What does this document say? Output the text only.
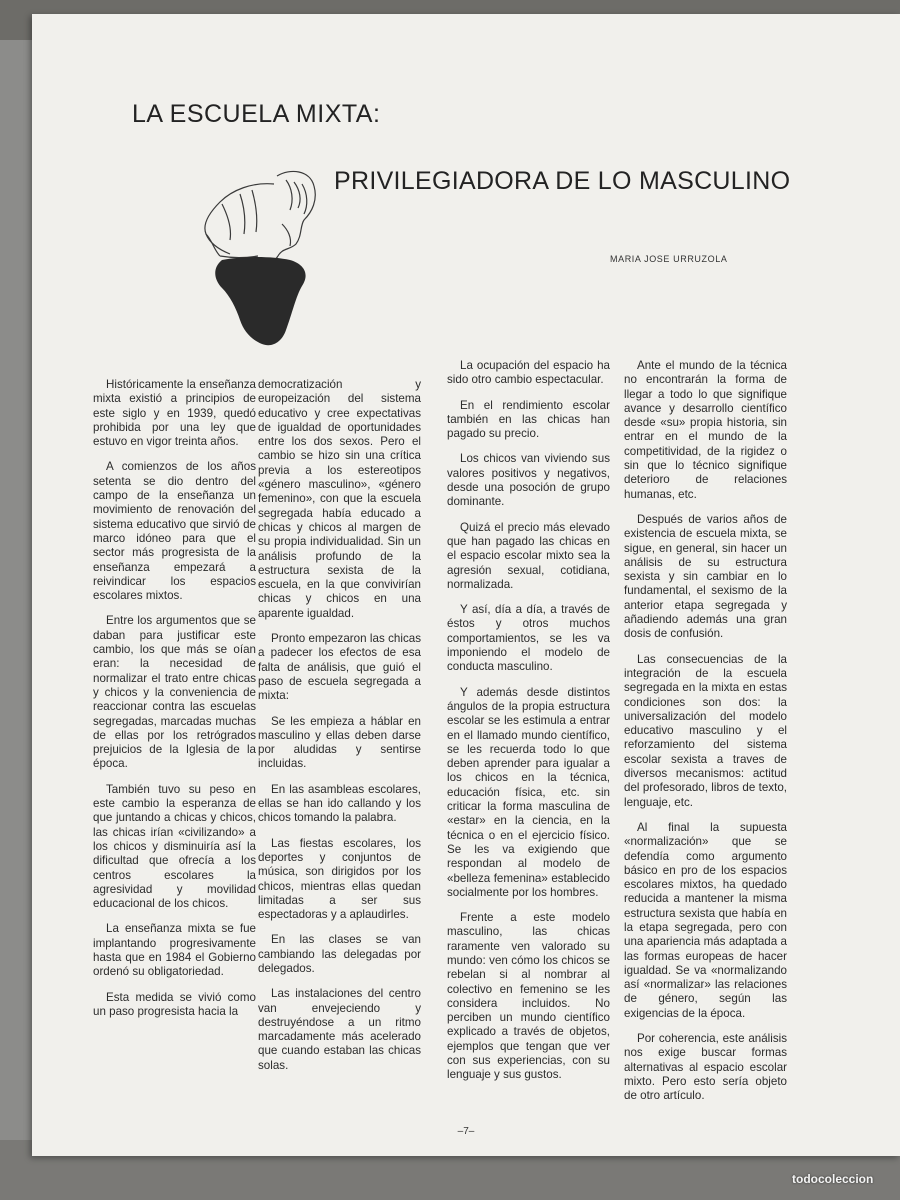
LA ESCUELA MIXTA:
PRIVILEGIADORA DE LO MASCULINO
MARIA JOSE URRUZOLA

Históricamente la enseñanza mixta existió a principios de este siglo y en 1939, quedó prohibida por una ley que estuvo en vigor treinta años.

A comienzos de los años setenta se dio dentro del campo de la enseñanza un movimiento de renovación del sistema educativo que sirvió de marco idóneo para que el sector más progresista de la enseñanza empezará a reivindicar los espacios escolares mixtos.

Entre los argumentos que se daban para justificar este cambio, los que más se oían eran: la necesidad de normalizar el trato entre chicas y chicos y la conveniencia de reaccionar contra las escuelas segregadas, marcadas muchas de ellas por los retrógrados prejuicios de la Iglesia de la época.

También tuvo su peso en este cambio la esperanza de que juntando a chicas y chicos, las chicas irían «civilizando» a los chicos y disminuiría así la dificultad que ofrecía a los centros escolares la agresividad y movilidad educacional de los chicos.

La enseñanza mixta se fue implantando progresivamente hasta que en 1984 el Gobierno ordenó su obligatoriedad.

Esta medida se vivió como un paso progresista hacia la

democratización y europeización del sistema educativo y cree expectativas de igualdad de oportunidades entre los dos sexos. Pero el cambio se hizo sin una crítica previa a los estereotipos «género masculino», «género femenino», con que la escuela segregada había educado a chicas y chicos al margen de su propia individualidad. Sin un análisis profundo de la estructura sexista de la escuela, en la que convivirían chicas y chicos en una aparente igualdad.

Pronto empezaron las chicas a padecer los efectos de esa falta de análisis, que guió el paso de escuela segregada a mixta:

Se les empieza a háblar en masculino y ellas deben darse por aludidas y sentirse incluidas.

En las asambleas escolares, ellas se han ido callando y los chicos tomando la palabra.

Las fiestas escolares, los deportes y conjuntos de música, son dirigidos por los chicos, mientras ellas quedan limitadas a ser sus espectadoras y a aplaudirles.

En las clases se van cambiando las delegadas por delegados.

Las instalaciones del centro van envejeciendo y destruyéndose a un ritmo marcadamente más acelerado que cuando estaban las chicas solas.

La ocupación del espacio ha sido otro cambio espectacular.

En el rendimiento escolar también en las chicas han pagado su precio.

Los chicos van viviendo sus valores positivos y negativos, desde una posoción de grupo dominante.

Quizá el precio más elevado que han pagado las chicas en el espacio escolar mixto sea la agresión sexual, cotidiana, normalizada.

Y así, día a día, a través de éstos y otros muchos comportamientos, se les va imponiendo el modelo de conducta masculino.

Y además desde distintos ángulos de la propia estructura escolar se les estimula a entrar en el llamado mundo científico, se les recuerda todo lo que deben aprender para igualar a los chicos en la técnica, educación física, etc. sin criticar la forma masculina de «estar» en la ciencia, en la técnica o en el ejercicio físico. Se les va exigiendo que respondan al modelo de «belleza femenina» establecido socialmente por los hombres.

Frente a este modelo masculino, las chicas raramente ven valorado su mundo: ven cómo los chicos se rebelan si al nombrar al colectivo en femenino se les considera incluidos. No perciben un mundo científico explicado a través de objetos, ejemplos que tengan que ver con sus experiencias, con su lenguaje y sus gustos.

Ante el mundo de la técnica no encontrarán la forma de llegar a todo lo que signifique avance y desarrollo científico desde «su» propia historia, sin entrar en el mundo de la competitividad, de la rigidez o sin que lo técnico signifique deterioro de relaciones humanas, etc.

Después de varios años de existencia de escuela mixta, se sigue, en general, sin hacer un análisis de su estructura sexista y sin cambiar en lo fundamental, el sexismo de la anterior etapa segregada y añadiendo además una gran dosis de confusión.

Las consecuencias de la integración de la escuela segregada en la mixta en estas condiciones son dos: la universalización del modelo educativo masculino y el reforzamiento del sistema escolar sexista a traves de diversos mecanismos: actitud del profesorado, libros de texto, lenguaje, etc.

Al final la supuesta «normalización» que se defendía como argumento básico en pro de los espacios escolares mixtos, ha quedado reducida a mantener la misma estructura sexista que había en la etapa segregada, pero con una apariencia más adaptada a las formas europeas de hacer igualdad. Se va «normalizando así «normalizar» las relaciones de género, según las exigencias de la época.

Por coherencia, este análisis nos exige buscar formas alternativas al espacio escolar mixto. Pero esto sería objeto de otro artículo.

–7–
todocoleccion
